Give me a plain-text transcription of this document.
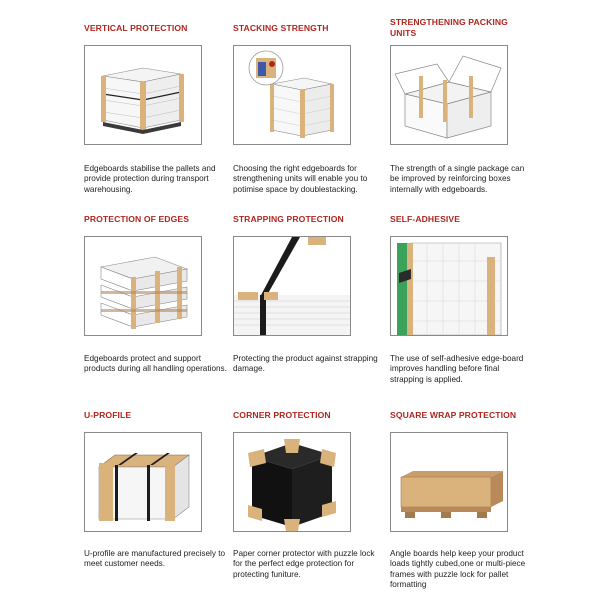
VERTICAL PROTECTION
Edgeboards stabilise the pallets and provide protection during transport warehousing.
STACKING STRENGTH
Choosing the right edgeboards for strengthening units will enable you to potimise space by doublestacking.
STRENGTHENING PACKING UNITS
The strength of a single package can be improved by reinforcing boxes internally with edgeboards.
PROTECTION OF EDGES
Edgeboards protect and support products during all handling operations.
STRAPPING PROTECTION
Protecting the product against strapping damage.
SELF-ADHESIVE
The use of self-adhesive edge-board improves handling before final strapping is applied.
U-PROFILE
U-profile are manufactured precisely to meet customer needs.
CORNER PROTECTION
Paper corner protector with puzzle lock for the perfect edge protection for protecting funiture.
SQUARE WRAP PROTECTION
Angle boards help keep your product loads tightly cubed,one or multi-piece frames with puzzle lock for pallet formatting
